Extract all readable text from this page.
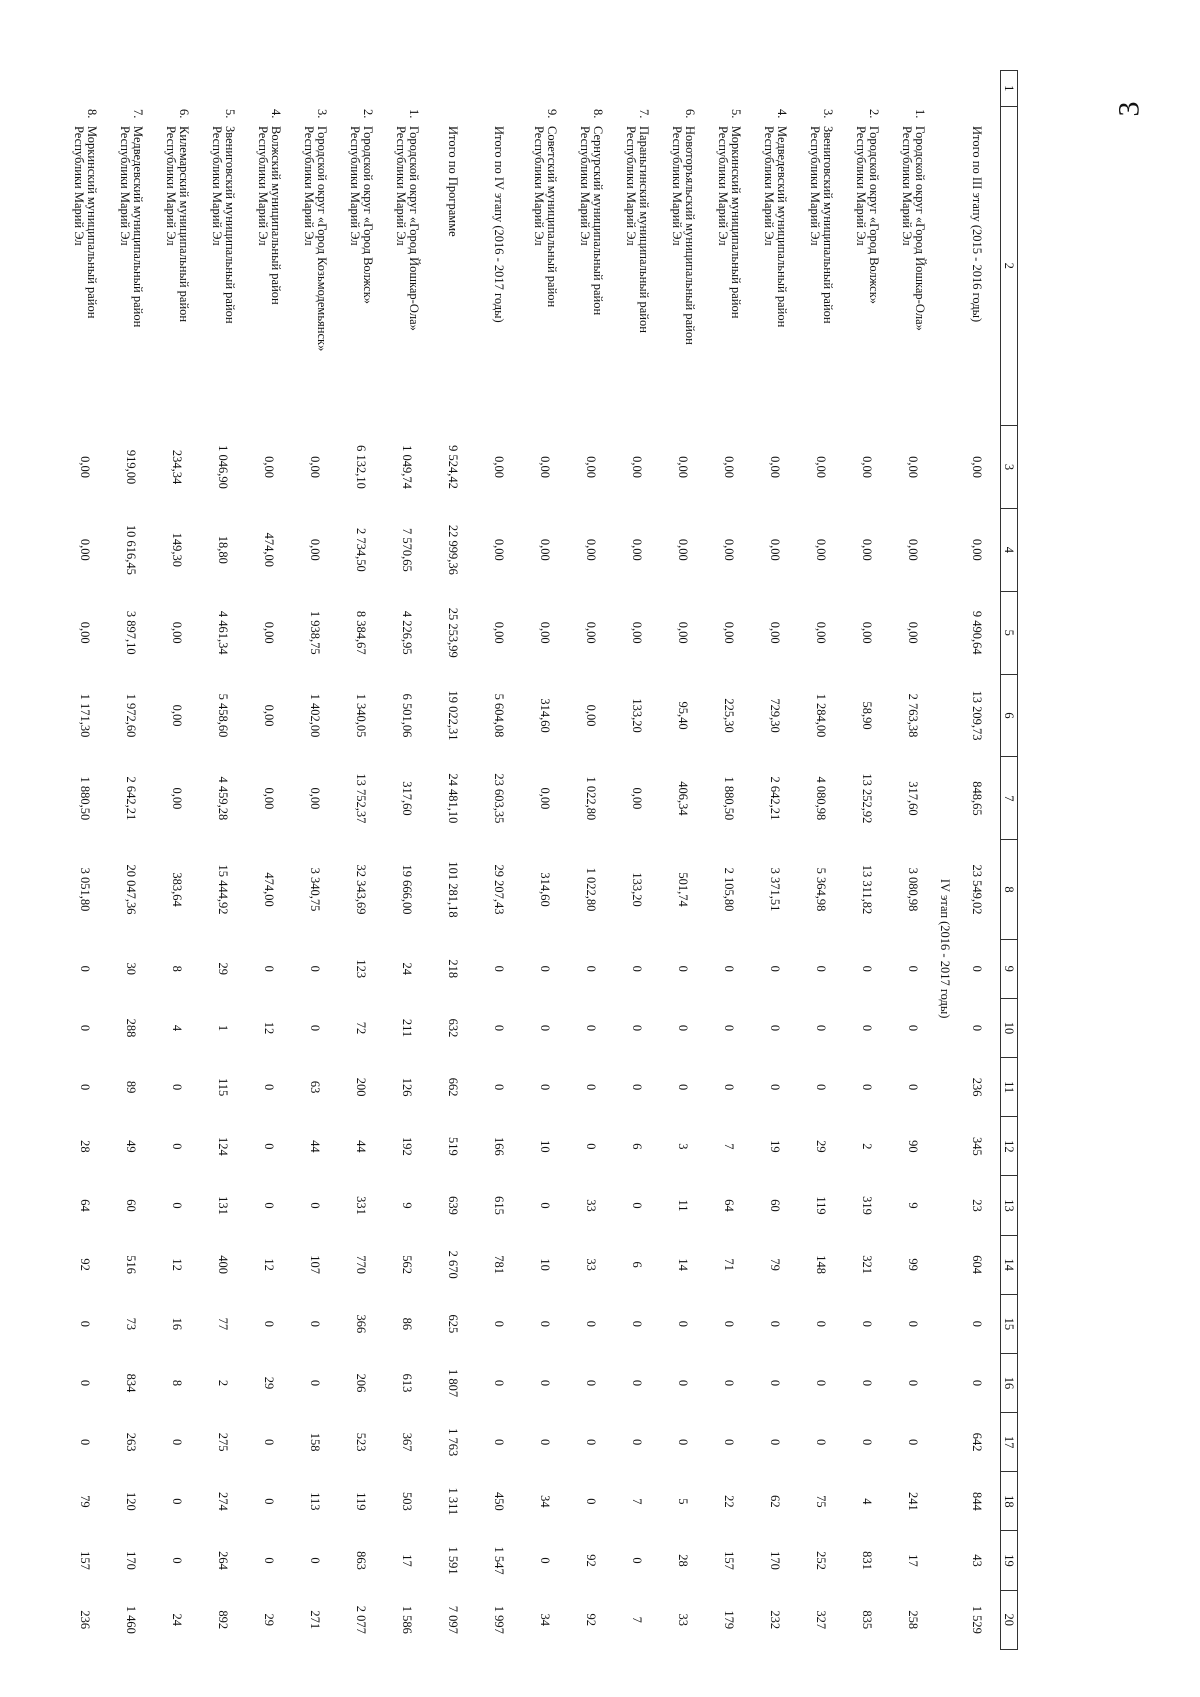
3
1	2	3	4	5	6	7	8	9	10	11	12	13	14	15	16	17	18	19	20
	Итого по III этапу (2015 - 2016 годы)	0,00	0,00	9 490,64	13 209,73	848,65	23 549,02	0	0	236	345	23	604	0	0	642	844	43	1 529
							IV этап (2016 - 2017 годы)												
	1.Городской округ «Город Йошкар-Ола»
Республики Марий Эл	0,00	0,00	0,00	2 763,38	317,60	3 080,98	0	0	0	90	9	99	0	0	0	241	17	258
	2.Городской округ «Город Волжск»
Республики Марий Эл	0,00	0,00	0,00	58,90	13 252,92	13 311,82	0	0	0	2	319	321	0	0	0	4	831	835
	3.Звениговский муниципальный район
Республики Марий Эл	0,00	0,00	0,00	1 284,00	4 080,98	5 364,98	0	0	0	29	119	148	0	0	0	75	252	327
	4.Медведевский муниципальный район
Республики Марий Эл	0,00	0,00	0,00	729,30	2 642,21	3 371,51	0	0	0	19	60	79	0	0	0	62	170	232
	5.Моркинский муниципальный район
Республики Марий Эл	0,00	0,00	0,00	225,30	1 880,50	2 105,80	0	0	0	7	64	71	0	0	0	22	157	179
	6.Новоторъяльский муниципальный район
Республики Марий Эл	0,00	0,00	0,00	95,40	406,34	501,74	0	0	0	3	11	14	0	0	0	5	28	33
	7.Параньгинский муниципальный район
Республики Марий Эл	0,00	0,00	0,00	133,20	0,00	133,20	0	0	0	6	0	6	0	0	0	7	0	7
	8.Сернурский муниципальный район
Республики Марий Эл	0,00	0,00	0,00	0,00	1 022,80	1 022,80	0	0	0	0	33	33	0	0	0	0	92	92
	9.Советский муниципальный район
Республики Марий Эл	0,00	0,00	0,00	314,60	0,00	314,60	0	0	0	10	0	10	0	0	0	34	0	34
	Итого по IV этапу (2016 - 2017 годы)	0,00	0,00	0,00	5 604,08	23 603,35	29 207,43	0	0	0	166	615	781	0	0	0	450	1 547	1 997
	Итого по Программе	9 524,42	22 999,36	25 253,99	19 022,31	24 481,10	101 281,18	218	632	662	519	639	2 670	625	1 807	1 763	1 311	1 591	7 097
	1.Городской округ «Город Йошкар-Ола»
Республики Марий Эл	1 049,74	7 570,65	4 226,95	6 501,06	317,60	19 666,00	24	211	126	192	9	562	86	613	367	503	17	1 586
	2.Городской округ «Город Волжск»
Республики Марий Эл	6 132,10	2 734,50	8 384,67	1 340,05	13 752,37	32 343,69	123	72	200	44	331	770	366	206	523	119	863	2 077
	3.Городской округ «Город Козьмодемьянск»
Республики Марий Эл	0,00	0,00	1 938,75	1 402,00	0,00	3 340,75	0	0	63	44	0	107	0	0	158	113	0	271
	4.Волжский муниципальный район
Республики Марий Эл	0,00	474,00	0,00	0,00	0,00	474,00	0	12	0	0	0	12	0	29	0	0	0	29
	5.Звениговский муниципальный район
Республики Марий Эл	1 046,90	18,80	4 461,34	5 458,60	4 459,28	15 444,92	29	1	115	124	131	400	77	2	275	274	264	892
	6.Килемарский муниципальный район
Республики Марий Эл	234,34	149,30	0,00	0,00	0,00	383,64	8	4	0	0	0	12	16	8	0	0	0	24
	7.Медведевский муниципальный район
Республики Марий Эл	919,00	10 616,45	3 897,10	1 972,60	2 642,21	20 047,36	30	288	89	49	60	516	73	834	263	120	170	1 460
	8.Моркинский муниципальный район
Республики Марий Эл	0,00	0,00	0,00	1 171,30	1 880,50	3 051,80	0	0	0	28	64	92	0	0	0	79	157	236
